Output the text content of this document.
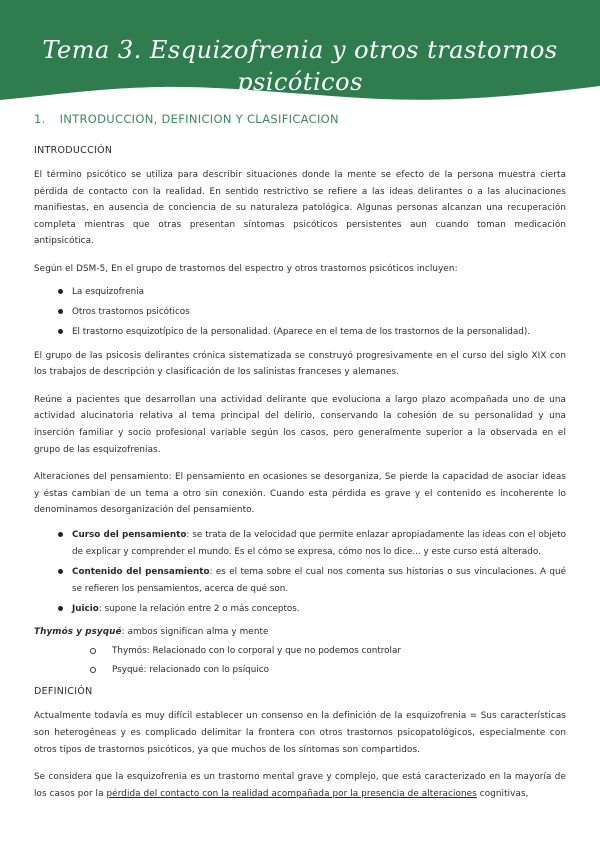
Tema 3. Esquizofrenia y otros trastornos
psicóticos
1. INTRODUCCION, DEFINICION Y CLASIFICACION
INTRODUCCIÓN

El término psicótico se utiliza para describir situaciones donde la mente se efecto de la persona muestra cierta pérdida de contacto con la realidad. En sentido restrictivo se refiere a las ideas delirantes o a las alucinaciones manifiestas, en ausencia de conciencia de su naturaleza patológica. Algunas personas alcanzan una recuperación completa mientras que otras presentan síntomas psicóticos persistentes aun cuando toman medicación antipsicótica.

Según el DSM-5, En el grupo de trastornos del espectro y otros trastornos psicóticos incluyen:

La esquizofrenia
Otros trastornos psicóticos
El trastorno esquizotípico de la personalidad. (Aparece en el tema de los trastornos de la personalidad).

El grupo de las psicosis delirantes crónica sistematizada se construyó progresivamente en el curso del siglo XIX con los trabajos de descripción y clasificación de los salinistas franceses y alemanes.

Reúne a pacientes que desarrollan una actividad delirante que evoluciona a largo plazo acompañada uno de una actividad alucinatoria relativa al tema principal del delirio, conservando la cohesión de su personalidad y una inserción familiar y socio profesional variable según los casos, pero generalmente superior a la observada en el grupo de las esquizofrenias.

Alteraciones del pensamiento: El pensamiento en ocasiones se desorganiza, Se pierde la capacidad de asociar ideas y éstas cambian de un tema a otro sin conexión. Cuando esta pérdida es grave y el contenido es incoherente lo denominamos desorganización del pensamiento.

Curso del pensamiento: se trata de la velocidad que permite enlazar apropiadamente las ideas con el objeto de explicar y comprender el mundo. Es el cómo se expresa, cómo nos lo dice... y este curso está alterado.
Contenido del pensamiento: es el tema sobre el cual nos comenta sus historias o sus vinculaciones. A qué se refieren los pensamientos, acerca de qué son.
Juicio: supone la relación entre 2 o más conceptos.

Thymós y psyqué: ambos significan alma y mente

Thymós: Relacionado con lo corporal y que no podemos controlar
Psyqué: relacionado con lo psíquico
DEFINICIÓN

Actualmente todavía es muy difícil establecer un consenso en la definición de la esquizofrenia = Sus características son heterogéneas y es complicado delimitar la frontera con otros trastornos psicopatológicos, especialmente con otros tipos de trastornos psicóticos, ya que muchos de los síntomas son compartidos.

Se considera que la esquizofrenia es un trastorno mental grave y complejo, que está caracterizado en la mayoría de los casos por la pérdida del contacto con la realidad acompañada por la presencia de alteraciones cognitivas,
